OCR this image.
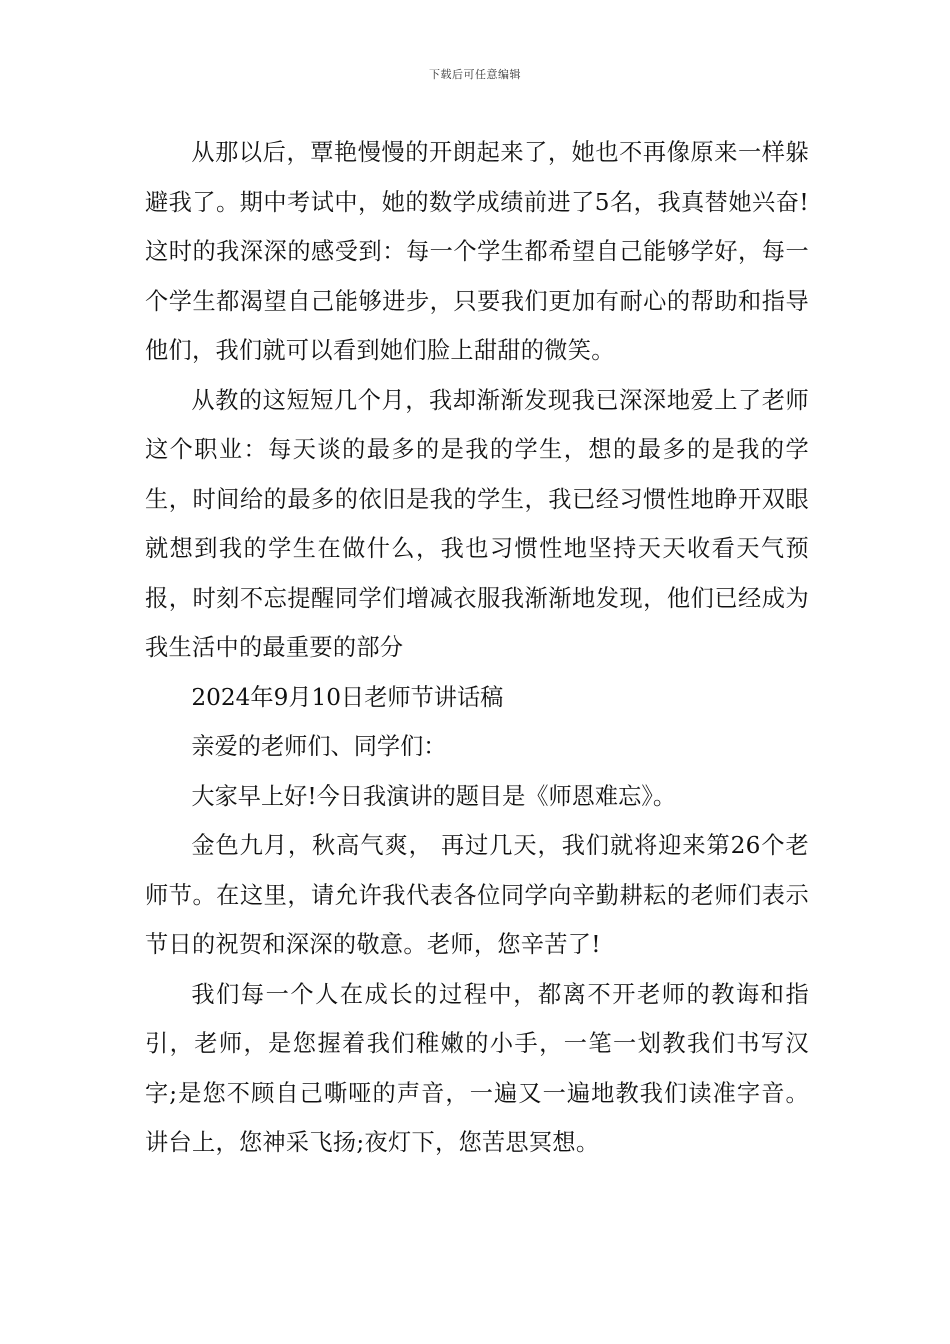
下载后可任意编辑

从那以后，覃艳慢慢的开朗起来了，她也不再像原来一样躲避我了。期中考试中，她的数学成绩前进了5名，我真替她兴奋!这时的我深深的感受到：每一个学生都希望自己能够学好，每一个学生都渴望自己能够进步，只要我们更加有耐心的帮助和指导他们，我们就可以看到她们脸上甜甜的微笑。

从教的这短短几个月，我却渐渐发现我已深深地爱上了老师这个职业：每天谈的最多的是我的学生，想的最多的是我的学生，时间给的最多的依旧是我的学生，我已经习惯性地睁开双眼就想到我的学生在做什么，我也习惯性地坚持天天收看天气预报，时刻不忘提醒同学们增减衣服我渐渐地发现，他们已经成为我生活中的最重要的部分

2024年9月10日老师节讲话稿

亲爱的老师们、同学们：

大家早上好!今日我演讲的题目是《师恩难忘》。

金色九月，秋高气爽， 再过几天，我们就将迎来第26个老师节。在这里，请允许我代表各位同学向辛勤耕耘的老师们表示节日的祝贺和深深的敬意。老师，您辛苦了!

我们每一个人在成长的过程中，都离不开老师的教诲和指引，老师，是您握着我们稚嫩的小手，一笔一划教我们书写汉字;是您不顾自己嘶哑的声音，一遍又一遍地教我们读准字音。讲台上，您神采飞扬;夜灯下，您苦思冥想。
